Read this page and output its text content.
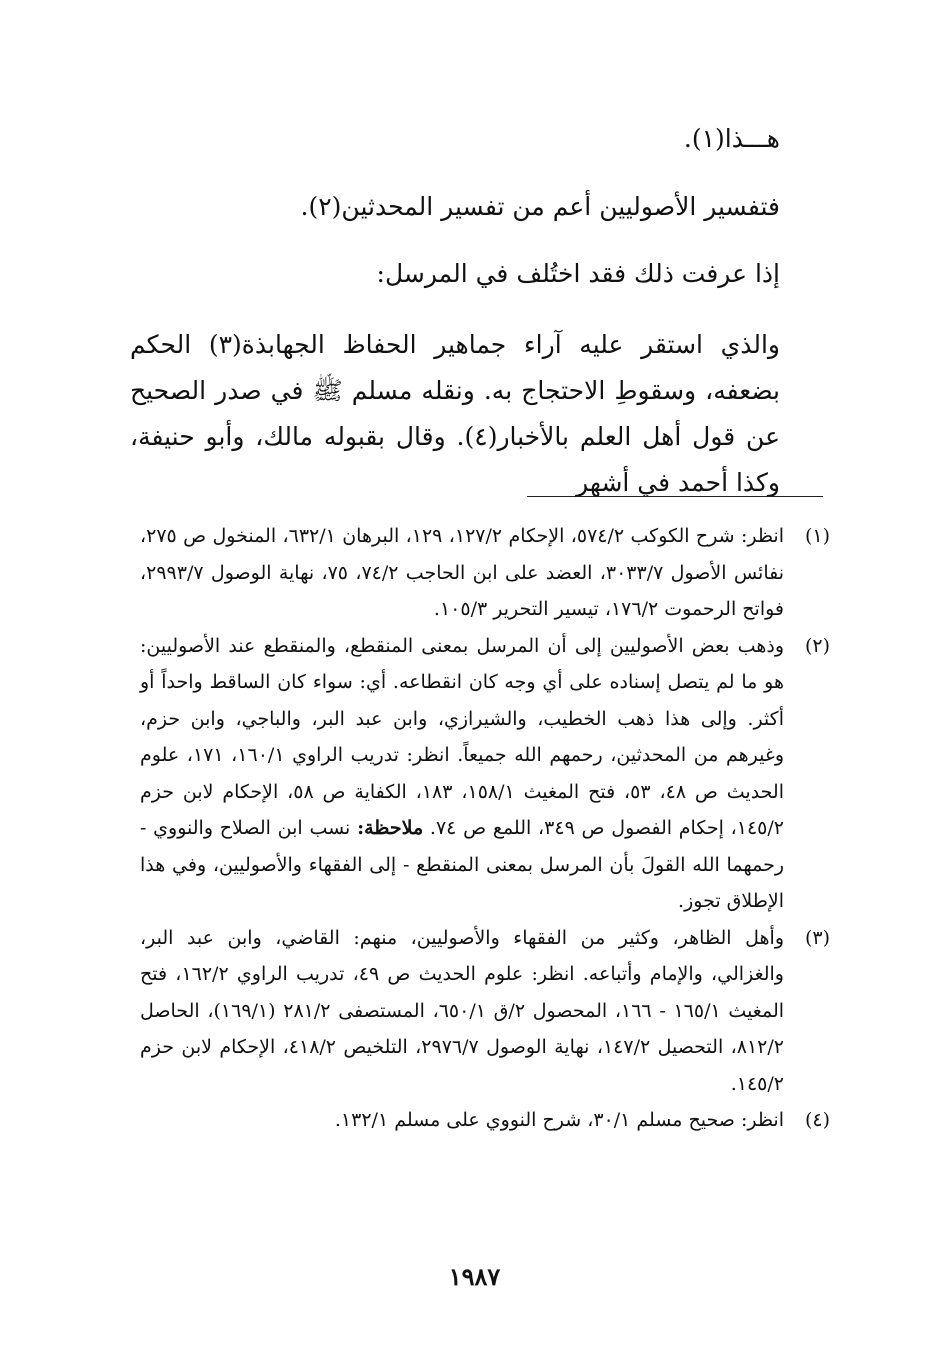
هـــذا(١).
فتفسير الأصوليين أعم من تفسير المحدثين(٢).
إذا عرفت ذلك فقد اختُلف في المرسل:
والذي استقر عليه آراء جماهير الحفاظ الجهابذة(٣) الحكم بضعفه، وسقوطِ الاحتجاج به. ونقله مسلم ﷺ في صدر الصحيح عن قول أهل العلم بالأخبار(٤). وقال بقبوله مالك، وأبو حنيفة، وكذا أحمد في أشهر
(١)
انظر: شرح الكوكب ٥٧٤/٢، الإحكام ١٢٧/٢، ١٢٩، البرهان ٦٣٢/١، المنخول ص ٢٧٥، نفائس الأصول ٣٠٣٣/٧، العضد على ابن الحاجب ٧٤/٢، ٧٥، نهاية الوصول ٢٩٩٣/٧، فواتح الرحموت ١٧٦/٢، تيسير التحرير ١٠٥/٣.
(٢)
وذهب بعض الأصوليين إلى أن المرسل بمعنى المنقطع، والمنقطع عند الأصوليين: هو ما لم يتصل إسناده على أي وجه كان انقطاعه. أي: سواء كان الساقط واحداً أو أكثر. وإلى هذا ذهب الخطيب، والشيرازي، وابن عبد البر، والباجي، وابن حزم، وغيرهم من المحدثين، رحمهم الله جميعاً. انظر: تدريب الراوي ١٦٠/١، ١٧١، علوم الحديث ص ٤٨، ٥٣، فتح المغيث ١٥٨/١، ١٨٣، الكفاية ص ٥٨، الإحكام لابن حزم ١٤٥/٢، إحكام الفصول ص ٣٤٩، اللمع ص ٧٤. ملاحظة: نسب ابن الصلاح والنووي - رحمهما الله القولَ بأن المرسل بمعنى المنقطع - إلى الفقهاء والأصوليين، وفي هذا الإطلاق تجوز.
(٣)
وأهل الظاهر، وكثير من الفقهاء والأصوليين، منهم: القاضي، وابن عبد البر، والغزالي، والإمام وأتباعه. انظر: علوم الحديث ص ٤٩، تدريب الراوي ١٦٢/٢، فتح المغيث ١٦٥/١ - ١٦٦، المحصول ٢/ق ٦٥٠/١، المستصفى ٢٨١/٢ (١٦٩/١)، الحاصل ٨١٢/٢، التحصيل ١٤٧/٢، نهاية الوصول ٢٩٧٦/٧، التلخيص ٤١٨/٢، الإحكام لابن حزم ١٤٥/٢.
(٤)
انظر: صحيح مسلم ٣٠/١، شرح النووي على مسلم ١٣٢/١.
١٩٨٧
